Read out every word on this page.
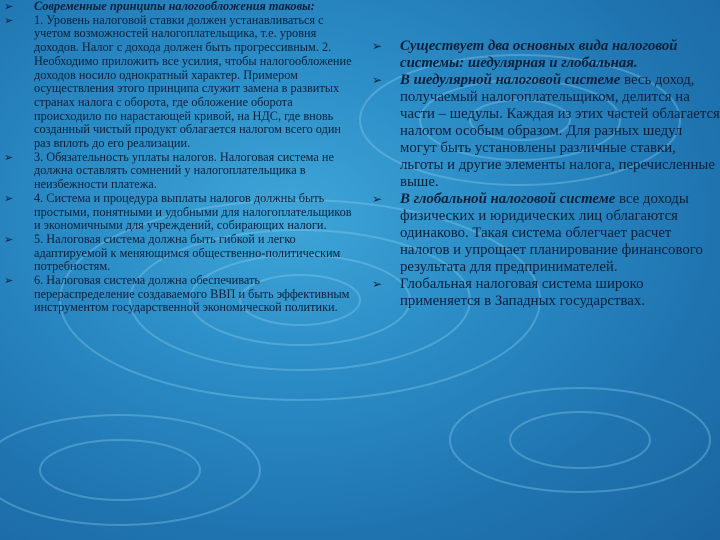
➢ Современные принципы налогообложения таковы:
➢ 1. Уровень налоговой ставки должен устанавливаться с учетом возможностей налогоплательщика, т.е. уровня доходов. Налог с дохода должен быть прогрессивным. 2. Необходимо приложить все усилия, чтобы налогообложение доходов носило однократный характер. Примером осуществления этого принципа служит замена в развитых странах налога с оборота, где обложение оборота происходило по нарастающей кривой, на НДС, где вновь созданный чистый продукт облагается налогом всего один раз вплоть до его реализации.
➢ 3. Обязательность уплаты налогов. Налоговая система не должна оставлять сомнений у налогоплательщика в неизбежности платежа.
➢ 4. Система и процедура выплаты налогов должны быть простыми, понятными и удобными для налогоплательщиков и экономичными для учреждений, собирающих налоги.
➢ 5. Налоговая система должна быть гибкой и легко адаптируемой к меняющимся общественно-политическим потребностям.
➢ 6. Налоговая система должна обеспечивать перераспределение создаваемого ВВП и быть эффективным инструментом государственной экономической политики.
➢ Существует два основных вида налоговой системы: шедулярная и глобальная.
➢ В шедулярной налоговой системе весь доход, получаемый налогоплательщиком, делится на части – шедулы. Каждая из этих частей облагается налогом особым образом. Для разных шедул могут быть установлены различные ставки, льготы и другие элементы налога, перечисленные выше.
➢ В глобальной налоговой системе все доходы физических и юридических лиц облагаются одинаково. Такая система облегчает расчет налогов и упрощает планирование финансового результата для предпринимателей.
➢ Глобальная налоговая система широко применяется в Западных государствах.
